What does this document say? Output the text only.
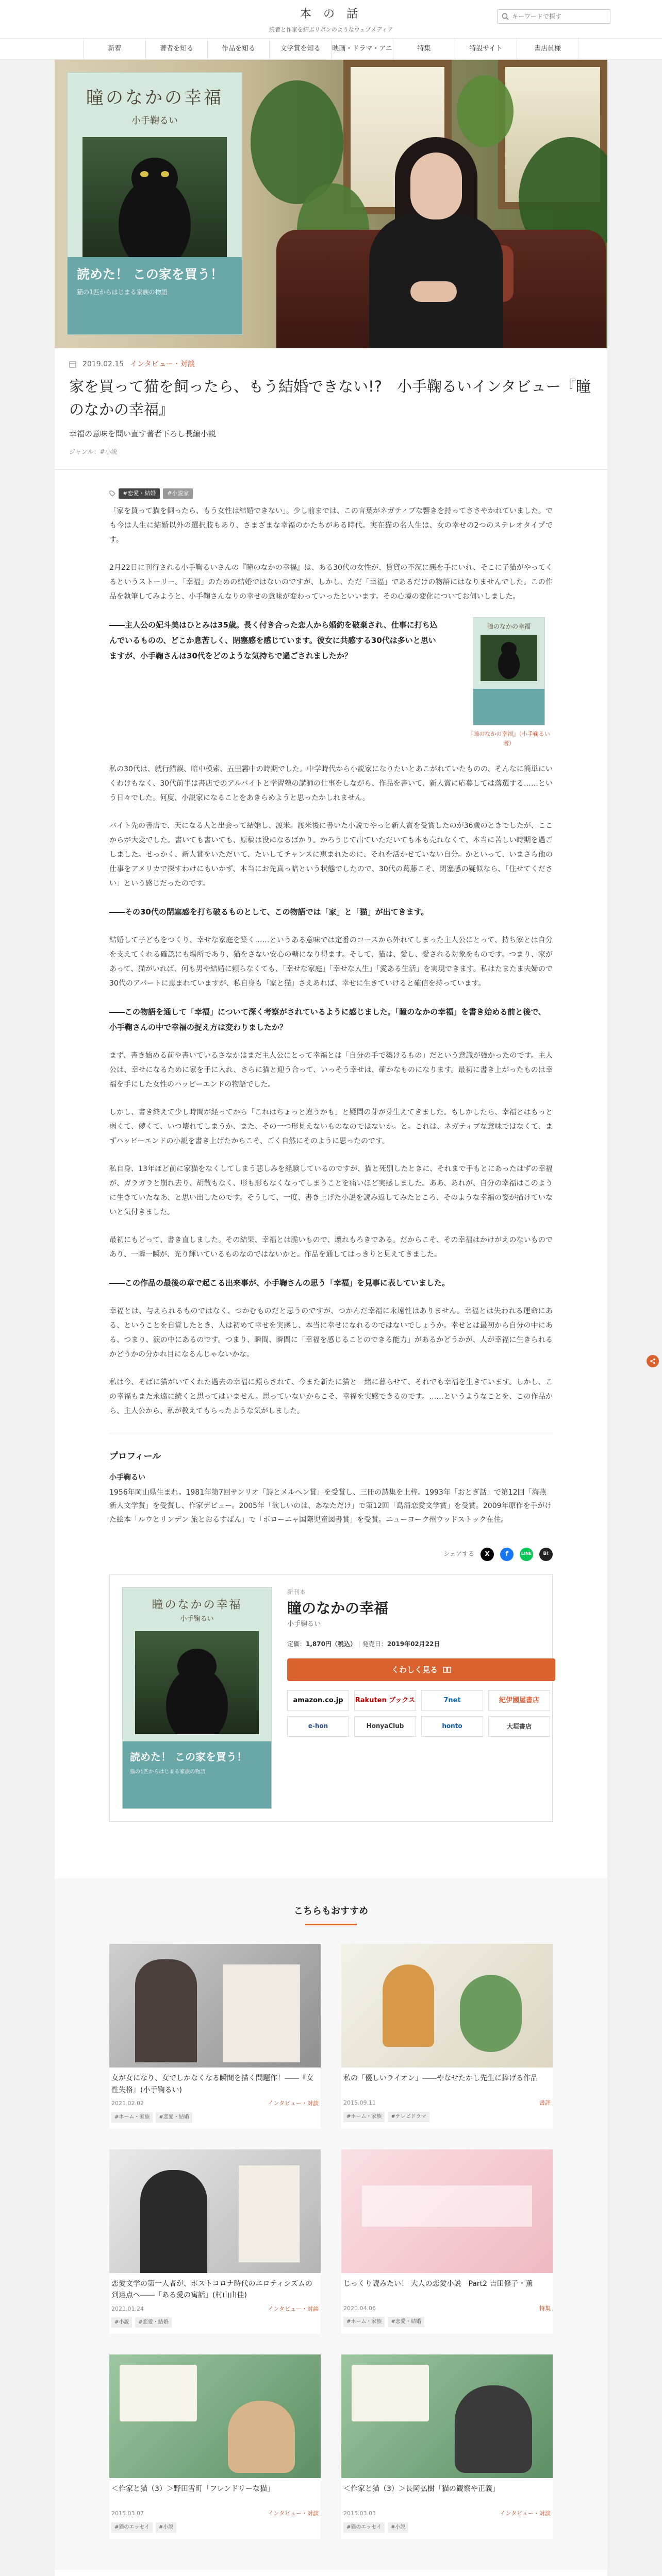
本 の 話
読者と作家を結ぶリボンのようなウェブメディア
キーワードで探す
新着	著者を知る	作品を知る	文学賞を知る	映画・ドラマ・アニ	特集	特設サイト	書店員様
瞳のなかの幸福
小手鞠るい
読めた！ この家を買う！
猫の1匹からはじまる家族の物語
2019.02.15 インタビュー・対談
家を買って猫を飼ったら、もう結婚できない!?　小手鞠るいインタビュー『瞳のなかの幸福』
幸福の意味を問い直す著者下ろし長編小説
ジャンル：#小説
#恋愛・結婚	#小説家

「家を買って猫を飼ったら、もう女性は結婚できない」。少し前までは、この言葉がネガティブな響きを持ってささやかれていました。でも今は人生に結婚以外の選択肢もあり、さまざまな幸福のかたちがある時代。実在猫の名人生は、女の幸せの2つのステレオタイプです。

2月22日に刊行される小手鞠るいさんの『瞳のなかの幸福』は、ある30代の女性が、賃貸の不況に悪を手にいれ、そこに子猫がやってくるというストーリー。「幸福」のための結婚ではないのですが、しかし、ただ「幸福」であるだけの物語にはなりませんでした。この作品を執筆してみようと、小手鞠さんなりの幸せの意味が変わっていったといいます。その心境の変化についてお伺いしました。

――主人公の妃斗美はひとみは35歳。長く付き合った恋人から婚約を破棄され、仕事に打ち込んでいるものの、どこか息苦しく、閉塞感を感じています。彼女に共感する30代は多いと思いますが、小手鞠さんは30代をどのような気持ちで過ごされましたか？

瞳のなかの幸福
『瞳のなかの幸福』（小手鞠るい 著）

私の30代は、就行錯誤、暗中模索、五里霧中の時期でした。中学時代から小説家になりたいとあこがれていたものの、そんなに簡単にいくわけもなく、30代前半は書店でのアルバイトと学習塾の講師の仕事をしながら、作品を書いて、新人賞に応募しては落選する……という日々でした。何度、小説家になることをあきらめようと思ったかしれません。

バイト先の書店で、天になる人と出会って結婚し、渡米。渡米後に書いた小説でやっと新人賞を受賞したのが36歳のときでしたが、ここからが大変でした。書いても書いても、原稿は没になるばかり。かろうじて出ていただいても本も売れなくて、本当に苦しい時期を過ごしました。せっかく、新人賞をいただいて、たいしてチャンスに恵まれたのに、それを活かせていない自分。かといって、いまさら他の仕事をアメリカで探すわけにもいかず、本当にお先真っ暗という状態でしたので、30代の葛藤こそ、閉塞感の疑似なら、「住せてください」という感じだったのです。

――その30代の閉塞感を打ち破るものとして、この物語では「家」と「猫」が出てきます。

結婚して子どもをつくり、幸せな家庭を築く……というある意味では定番のコースから外れてしまった主人公にとって、持ち家とは自分を支えてくれる確認にも場所であり、猫をさない安心の糖になり得ます。そして、猫は、愛し、愛される対象をものです。つまり、家があって、猫がいれば、何も男や結婚に頼らなくても、「幸せな家庭」「幸せな人生」「愛ある生活」を実現できます。私はたまたま夫婦ので30代のアパートに恵まれていますが、私自身も「家と猫」さえあれば、幸せに生きていけると確信を持っています。

――この物語を通して「幸福」について深く考察がされているように感じました。「瞳のなかの幸福」を書き始める前と後で、小手鞠さんの中で幸福の捉え方は変わりましたか？

まず、書き始める前や書いているさなかはまだ主人公にとって幸福とは「自分の手で築けるもの」だという意識が強かったのです。主人公は、幸せになるために家を手に入れ、さらに猫と迎う合って、いっそう幸せは、確かなものになります。最初に書き上がったものは幸福を手にした女性のハッピーエンドの物語でした。

しかし、書き終えて少し時間が経ってから「これはちょっと違うかも」と疑問の芽が芽生えてきました。もしかしたら、幸福とはもっと弱くて、儚くて、いつ壊れてしまうか、また、その一つ形見えないものなのではないか。と。これは、ネガティブな意味ではなくて、まずハッピーエンドの小説を書き上げたからこそ、ごく自然にそのように思ったのです。

私自身、13年ほど前に家猫をなくしてしまう悲しみを経験しているのですが、猫と死別したときに、それまで手もとにあったはずの幸福が、ガラガラと崩れ去り、胡散もなく、形も形もなくなってしまうことを痛いほど実感しました。ああ、あれが、自分の幸福はこのように生きていたなあ、と思い出したのです。そうして、一度、書き上げた小説を読み返してみたところ、そのような幸福の姿が描けていないと気付きました。

最初にもどって、書き直しました。その結果、幸福とは脆いもので、壊れもろきである。だからこそ、その幸福はかけがえのないものであり、一瞬一瞬が、光り輝いているものなのではないかと。作品を通してはっきりと見えてきました。

――この作品の最後の章で起こる出来事が、小手鞠さんの思う「幸福」を見事に表していました。

幸福とは、与えられるものではなく、つかむものだと思うのですが、つかんだ幸福に永遠性はありません。幸福とは失われる運命にある、ということを自覚したとき、人は初めて幸せを実感し、本当に幸せになれるのではないでしょうか。幸せとは最初から自分の中にある、つまり、涙の中にあるのです。つまり、瞬間、瞬間に「幸福を感じることのできる能力」があるかどうかが、人が幸福に生きられるかどうかの分かれ目になるんじゃないかな。

私は今、そばに猫がいてくれた過去の幸福に照らされて、今また新たに猫と一緒に暮らせて、それでも幸福を生きています。しかし、この幸福もまた永遠に続くと思ってはいません。思っていないからこそ、幸福を実感できるのです。……というようなことを、この作品から、主人公から、私が教えてもらったような気がしました。

プロフィール
小手鞠るい

1956年岡山県生まれ。1981年第7回サンリオ「詩とメルヘン賞」を受賞し、三冊の詩集を上梓。1993年「おとぎ話」で第12回「海燕新人文学賞」を受賞し、作家デビュー。2005年「欲しいのは、あなただけ」で第12回「島清恋愛文学賞」を受賞。2009年原作を手がけた絵本「ルウとリンデン 旅とおるすばん」で「ボローニャ国際児童図書賞」を受賞。ニューヨーク州ウッドストック在住。

シェアする	X	f	LINE	B!
瞳のなかの幸福
小手鞠るい
読めた！ この家を買う！
猫の1匹からはじまる家族の物語
新刊本
瞳のなかの幸福
小手鞠るい
定価：1,870円（税込） | 発売日：2019年02月22日
くわしく見る
amazon.co.jp	Rakuten ブックス	7net	紀伊國屋書店
e-hon	HonyaClub	honto	大垣書店
こちらもおすすめ
女が女になり、女でしかなくなる瞬間を描く問題作！――『女性失格』(小手鞠るい)
2021.02.02	インタビュー・対談
#ホーム・家族	#恋愛・結婚
私の「優しいライオン」――やなせたかし先生に捧げる作品
2015.09.11	書評
#ホーム・家族	#テレビドラマ
恋愛文学の第一人者が、ポストコロナ時代のエロティシズムの到達点へ――「ある愛の寓話」(村山由佳)
2021.01.24	インタビュー・対談
#小説	#恋愛・結婚
じっくり読みたい！ 大人の恋愛小説　Part2 吉田修子・薫
2020.04.06	特集
#ホーム・家族	#恋愛・結婚
＜作家と猫（3）＞野田雪町「フレンドリーな猫」
2015.03.07	インタビュー・対談
#猫のエッセイ	#小説
＜作家と猫（3）＞長岡弘樹「猫の観察や正義」
2015.03.03	インタビュー・対談
#猫のエッセイ	#小説
